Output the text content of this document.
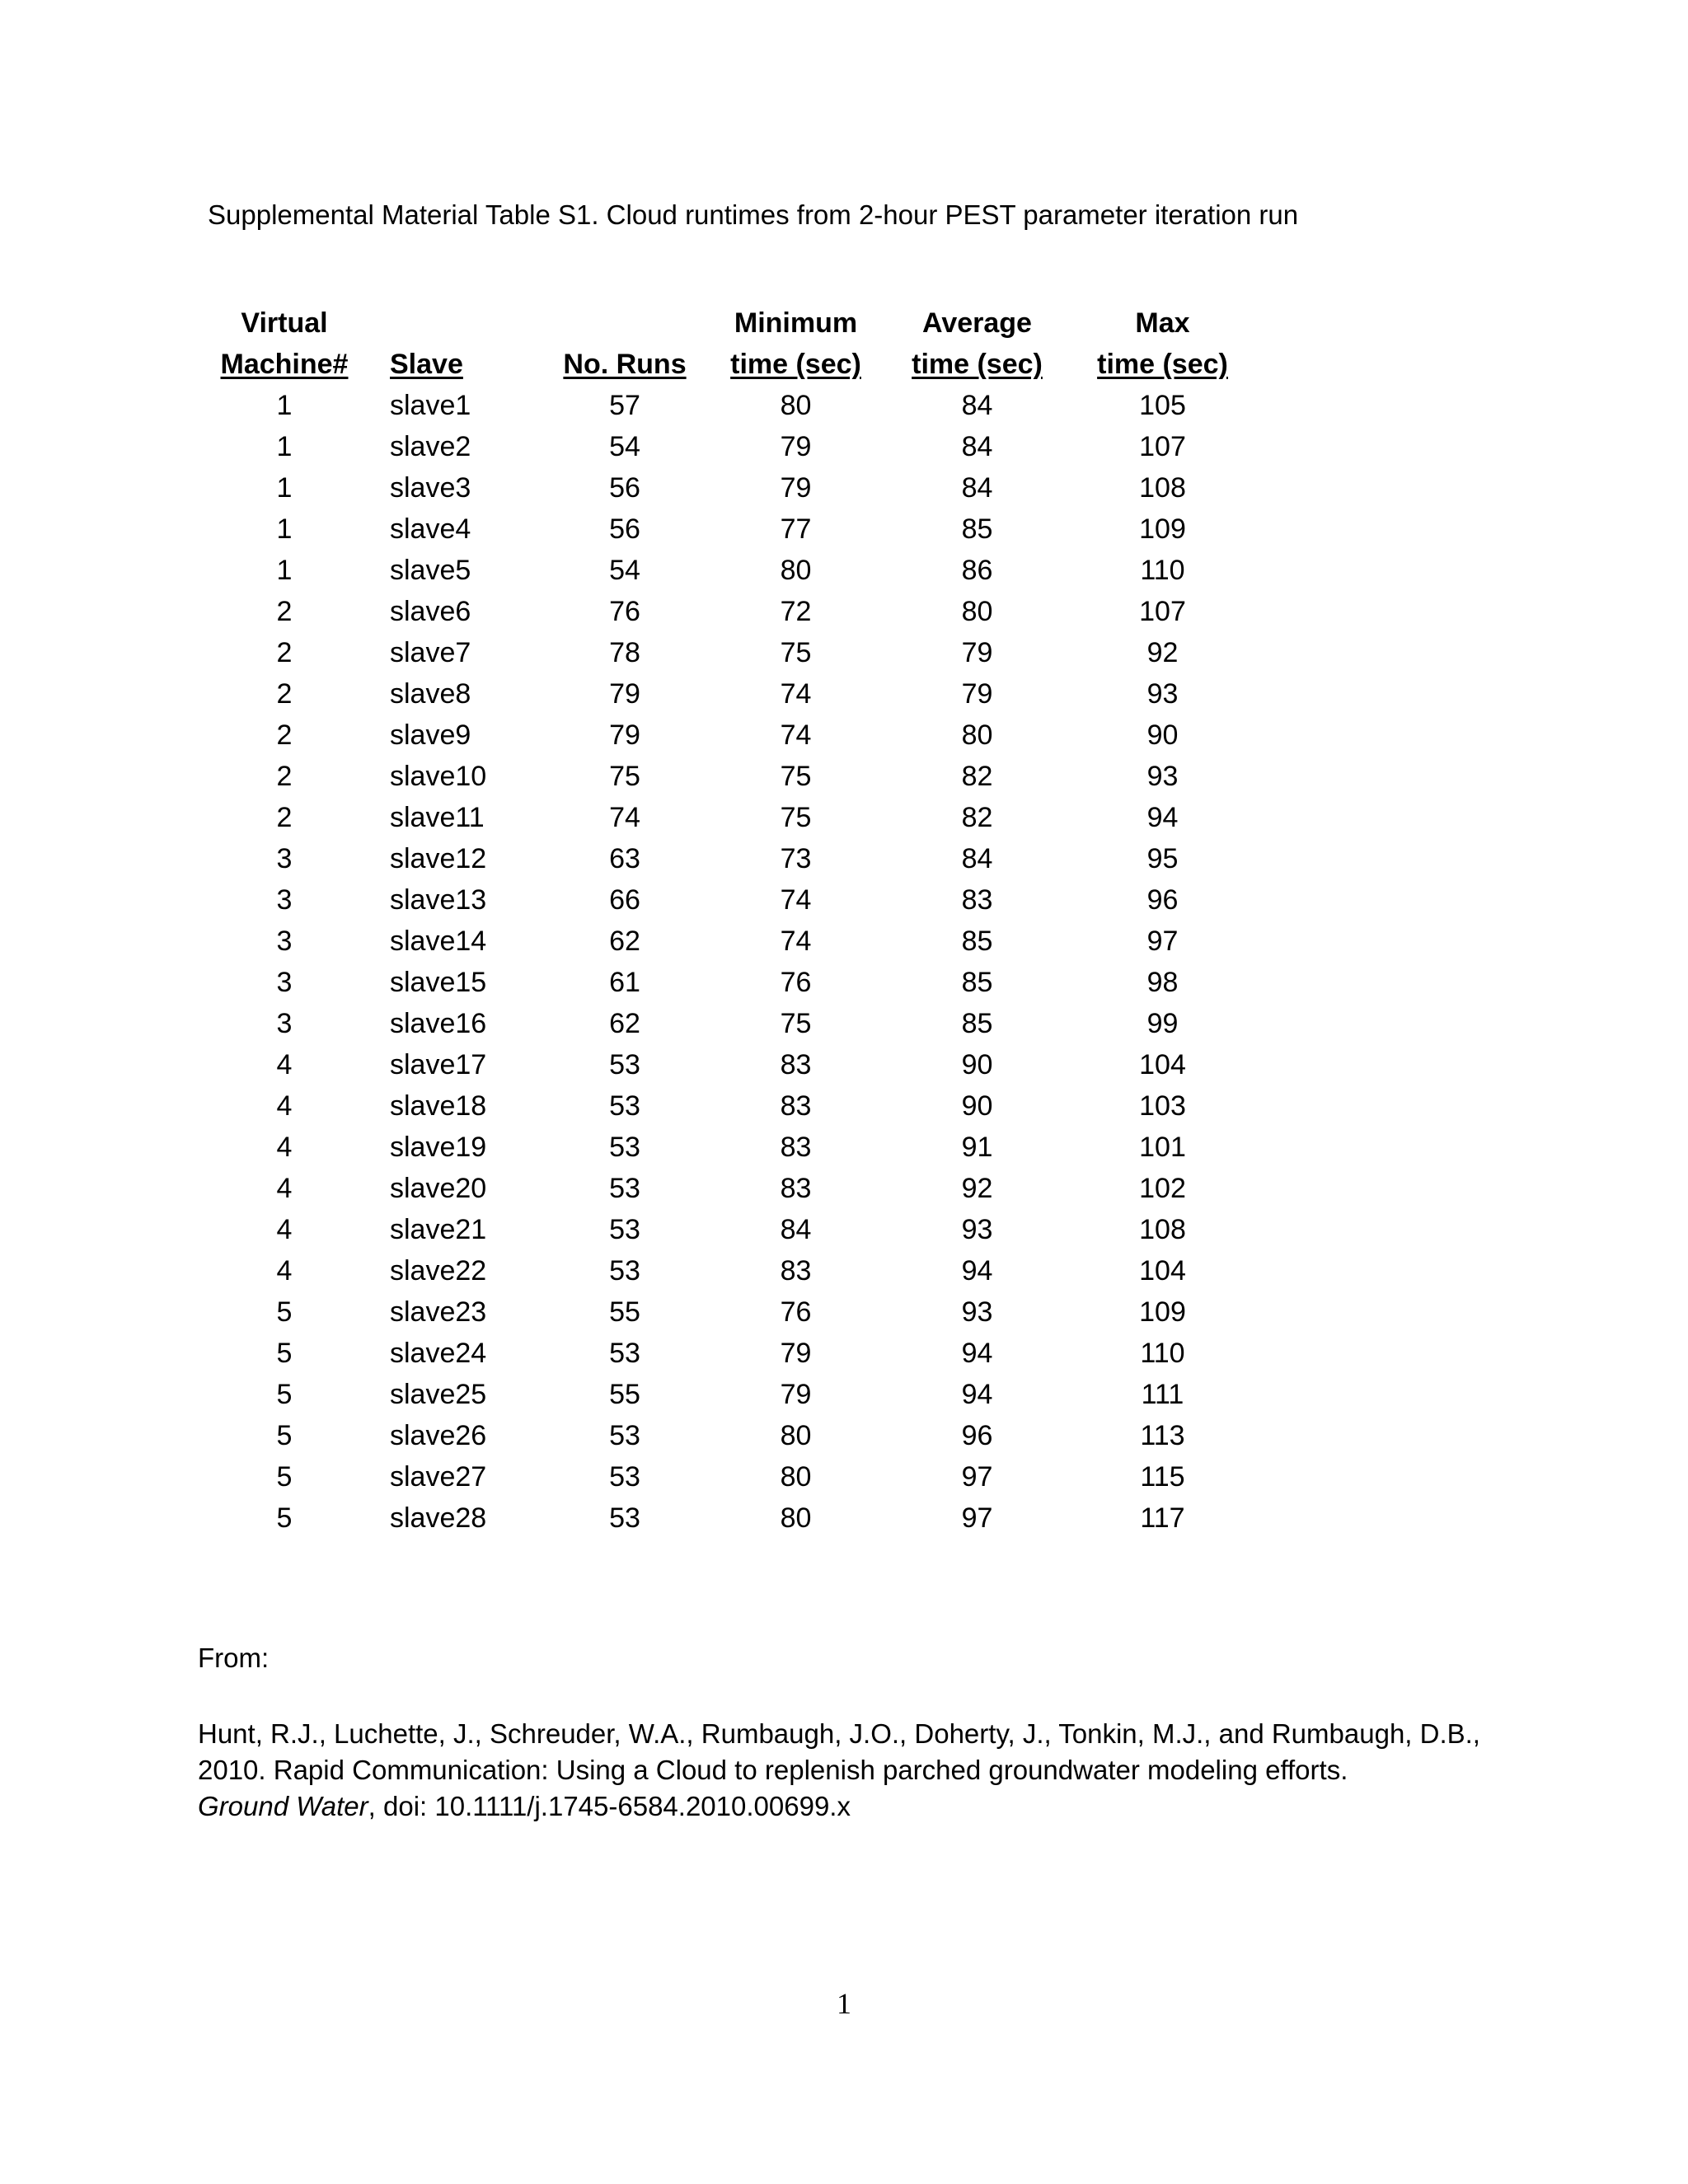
Supplemental Material Table S1. Cloud runtimes from 2-hour PEST parameter iteration run
Virtual			Minimum	Average	Max
Machine#	Slave	No. Runs	time (sec)	time (sec)	time (sec)
1	slave1	57	80	84	105
1	slave2	54	79	84	107
1	slave3	56	79	84	108
1	slave4	56	77	85	109
1	slave5	54	80	86	110
2	slave6	76	72	80	107
2	slave7	78	75	79	92
2	slave8	79	74	79	93
2	slave9	79	74	80	90
2	slave10	75	75	82	93
2	slave11	74	75	82	94
3	slave12	63	73	84	95
3	slave13	66	74	83	96
3	slave14	62	74	85	97
3	slave15	61	76	85	98
3	slave16	62	75	85	99
4	slave17	53	83	90	104
4	slave18	53	83	90	103
4	slave19	53	83	91	101
4	slave20	53	83	92	102
4	slave21	53	84	93	108
4	slave22	53	83	94	104
5	slave23	55	76	93	109
5	slave24	53	79	94	110
5	slave25	55	79	94	111
5	slave26	53	80	96	113
5	slave27	53	80	97	115
5	slave28	53	80	97	117
From:
Hunt, R.J., Luchette, J., Schreuder, W.A., Rumbaugh, J.O., Doherty, J., Tonkin, M.J., and Rumbaugh, D.B.,
2010. Rapid Communication: Using a Cloud to replenish parched groundwater modeling efforts.
Ground Water, doi: 10.1111/j.1745-6584.2010.00699.x
1
